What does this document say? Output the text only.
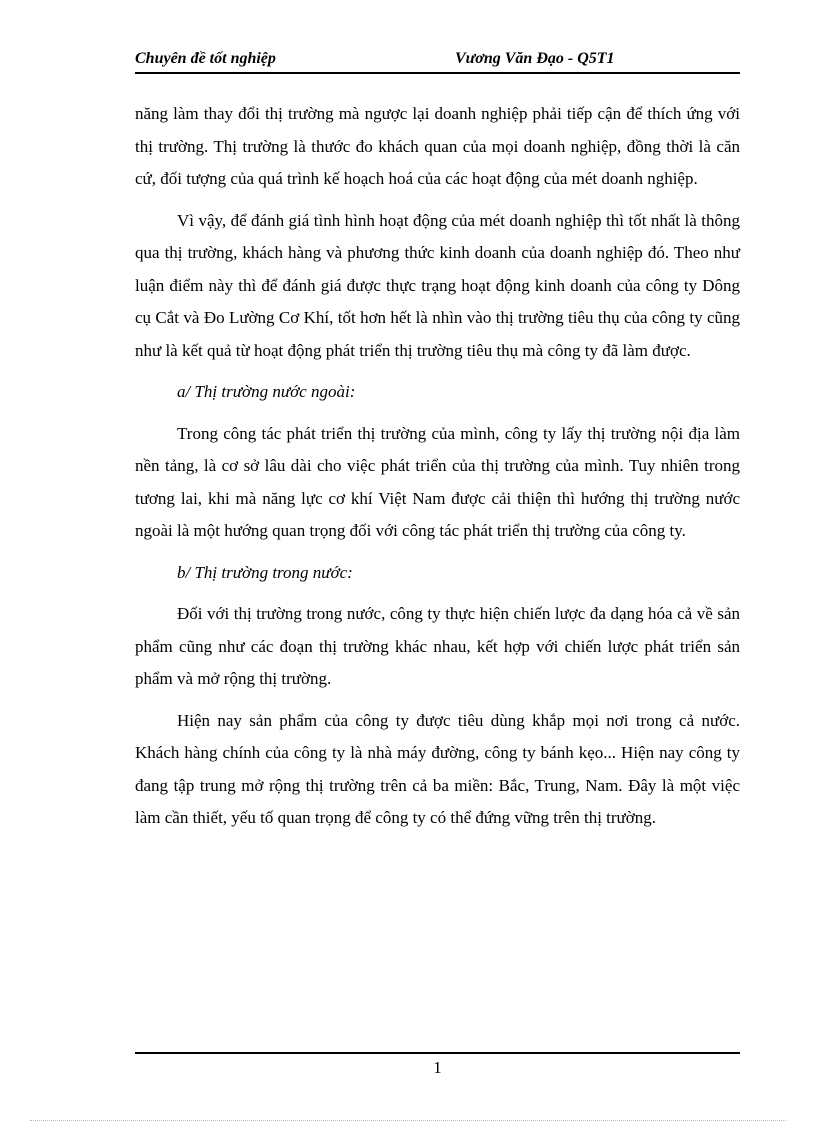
Chuyên đề tốt nghiệp	Vương Văn Đạo - Q5T1

năng làm thay đổi thị trường mà ngược lại doanh nghiệp phải tiếp cận để thích ứng với thị trường. Thị trường là thước đo khách quan của mọi doanh nghiệp, đồng thời là căn cứ, đối tượng của quá trình kế hoạch hoá của các hoạt động của mét doanh nghiệp.

Vì vậy, để đánh giá tình hình hoạt động của mét doanh nghiệp thì tốt nhất là thông qua thị trường, khách hàng và phương thức kinh doanh của doanh nghiệp đó. Theo như luận điểm này thì để đánh giá được thực trạng hoạt động kinh doanh của công ty Dông cụ Cắt và Đo Lường Cơ Khí, tốt hơn hết là nhìn vào thị trường tiêu thụ của công ty cũng như là kết quả từ hoạt động phát triển thị trường tiêu thụ mà công ty đã làm được.

a/ Thị trường nước ngoài:

Trong công tác phát triển thị trường của mình, công ty lấy thị trường nội địa làm nền tảng, là cơ sở lâu dài cho việc phát triển của thị trường của mình. Tuy nhiên trong tương lai, khi mà năng lực cơ khí Việt Nam được cải thiện thì hướng thị trường nước ngoài là một hướng quan trọng đối với công tác phát triển thị trường của công ty.

b/ Thị trường trong nước:

Đối với thị trường trong nước, công ty thực hiện chiến lược đa dạng hóa cả về sản phẩm cũng như các đoạn thị trường khác nhau, kết hợp với chiến lược phát triển sản phẩm và mở rộng thị trường.

Hiện nay sản phẩm của công ty được tiêu dùng khắp mọi nơi trong cả nước. Khách hàng chính của công ty là nhà máy đường, công ty bánh kẹo... Hiện nay công ty đang tập trung mở rộng thị trường trên cả ba miền: Bắc, Trung, Nam. Đây là một việc làm cần thiết, yếu tố quan trọng để công ty có thể đứng vững trên thị trường.

1
